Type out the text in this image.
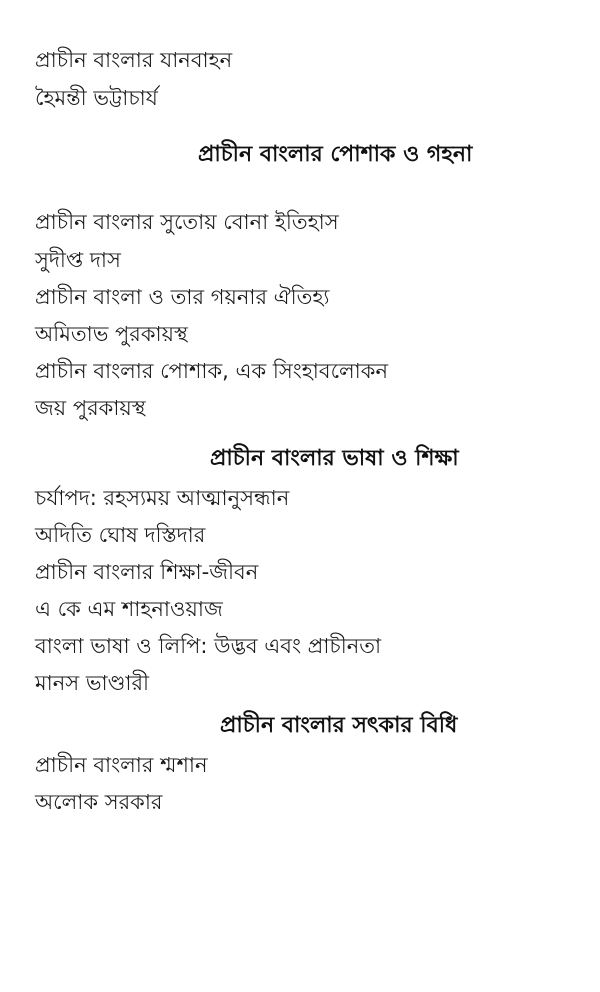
প্রাচীন বাংলার যানবাহন
হৈমন্তী ভট্টাচার্য
প্রাচীন বাংলার পোশাক ও গহনা
প্রাচীন বাংলার সুতোয় বোনা ইতিহাস
সুদীপ্ত দাস
প্রাচীন বাংলা ও তার গয়নার ঐতিহ্য
অমিতাভ পুরকায়স্থ
প্রাচীন বাংলার পোশাক, এক সিংহাবলোকন
জয় পুরকায়স্থ
প্রাচীন বাংলার ভাষা ও শিক্ষা
চর্যাপদ: রহস্যময় আত্মানুসন্ধান
অদিতি ঘোষ দস্তিদার
প্রাচীন বাংলার শিক্ষা-জীবন
এ কে এম শাহনাওয়াজ
বাংলা ভাষা ও লিপি: উদ্ভব এবং প্রাচীনতা
মানস ভাণ্ডারী
প্রাচীন বাংলার সৎকার বিধি
প্রাচীন বাংলার শ্মশান
অলোক সরকার
